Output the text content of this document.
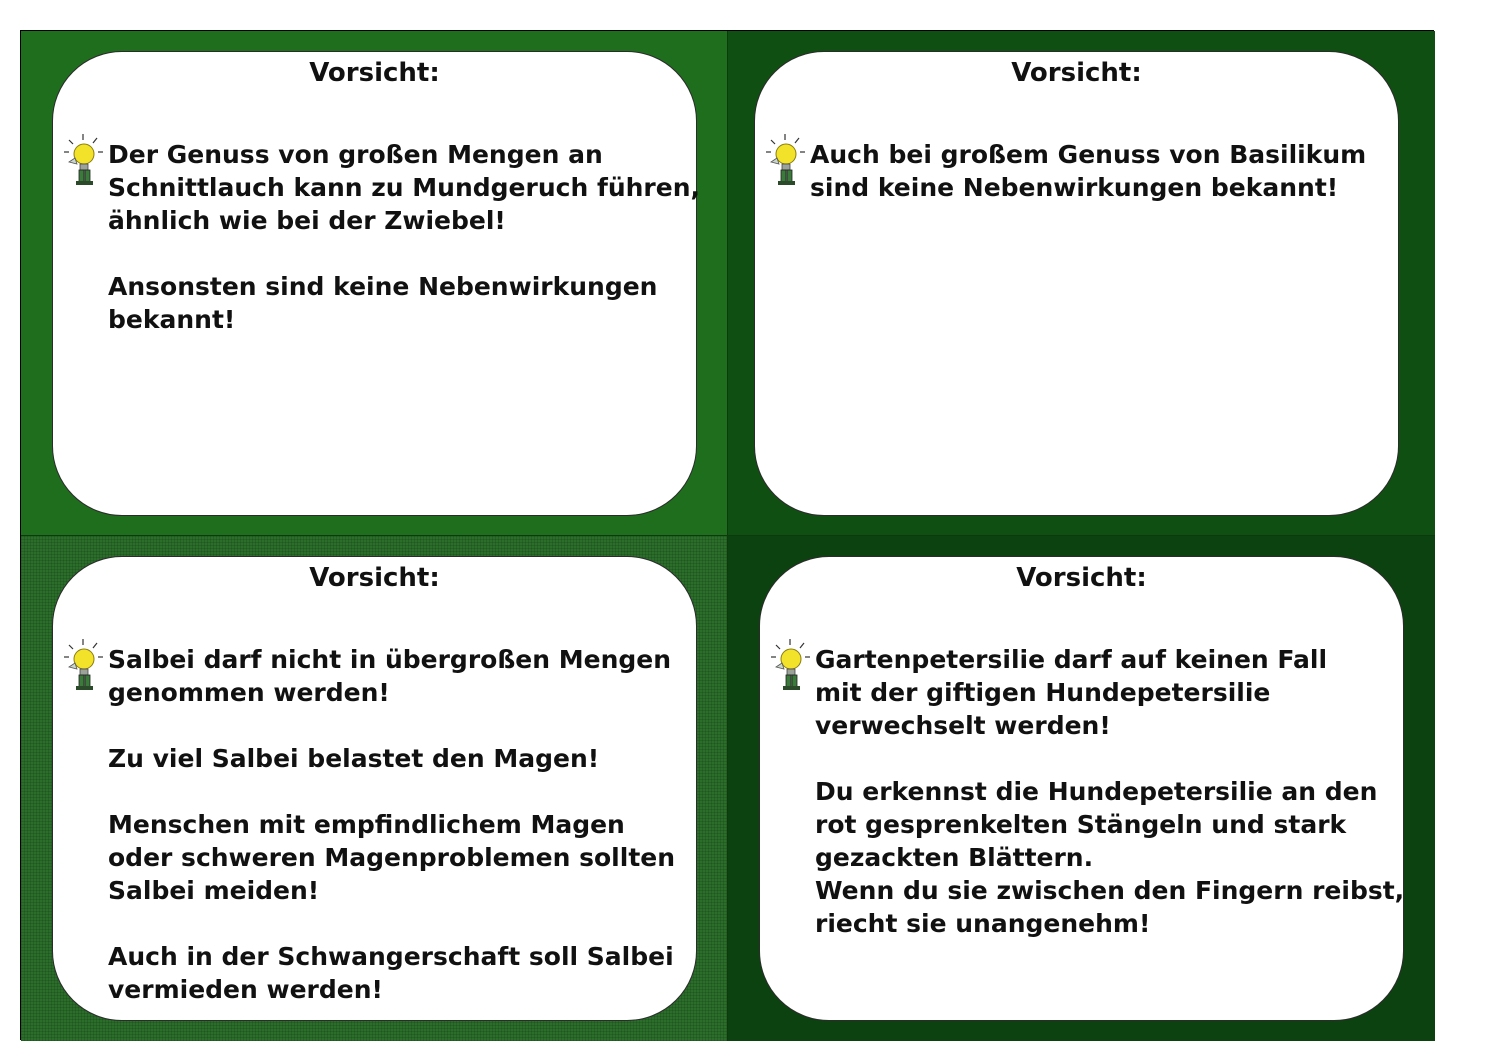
Vorsicht:

Der Genuss von großen Mengen an
Schnittlauch kann zu Mundgeruch führen,
ähnlich wie bei der Zwiebel!

Ansonsten sind keine Nebenwirkungen
bekannt!

Vorsicht:

Auch bei großem Genuss von Basilikum
sind keine Nebenwirkungen bekannt!

Vorsicht:

Salbei darf nicht in übergroßen Mengen
genommen werden!

Zu viel Salbei belastet den Magen!

Menschen mit empfindlichem Magen
oder schweren Magenproblemen sollten
Salbei meiden!

Auch in der Schwangerschaft soll Salbei
vermieden werden!

Vorsicht:

Gartenpetersilie darf auf keinen Fall
mit der giftigen Hundepetersilie
verwechselt werden!

Du erkennst die Hundepetersilie an den
rot gesprenkelten Stängeln und stark
gezackten Blättern.
Wenn du sie zwischen den Fingern reibst,
riecht sie unangenehm!
